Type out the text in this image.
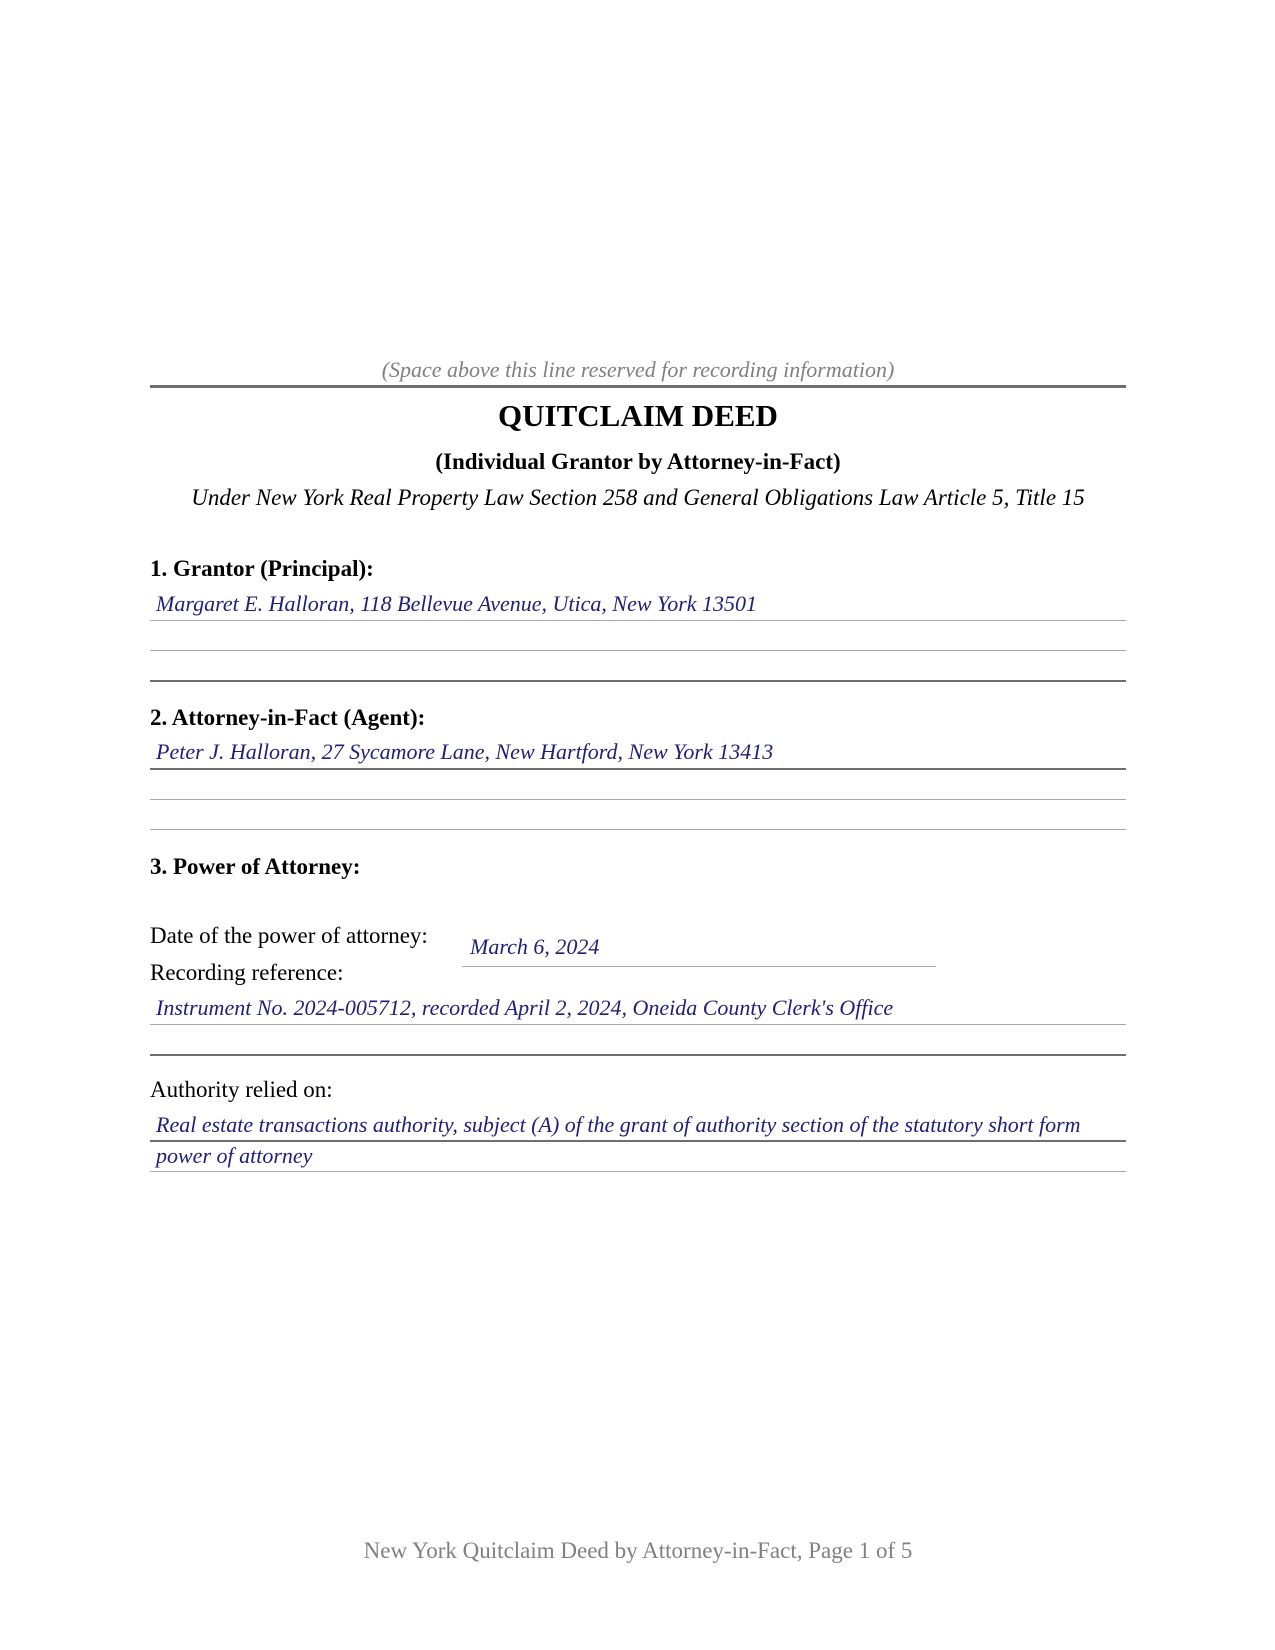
(Space above this line reserved for recording information)
QUITCLAIM DEED
(Individual Grantor by Attorney-in-Fact)
Under New York Real Property Law Section 258 and General Obligations Law Article 5, Title 15
1. Grantor (Principal):
Margaret E. Halloran, 118 Bellevue Avenue, Utica, New York 13501
2. Attorney-in-Fact (Agent):
Peter J. Halloran, 27 Sycamore Lane, New Hartford, New York 13413
3. Power of Attorney:
Date of the power of attorney: March 6, 2024
Recording reference:
Instrument No. 2024-005712, recorded April 2, 2024, Oneida County Clerk's Office
Authority relied on:
Real estate transactions authority, subject (A) of the grant of authority section of the statutory short form power of attorney
New York Quitclaim Deed by Attorney-in-Fact, Page 1 of 5
